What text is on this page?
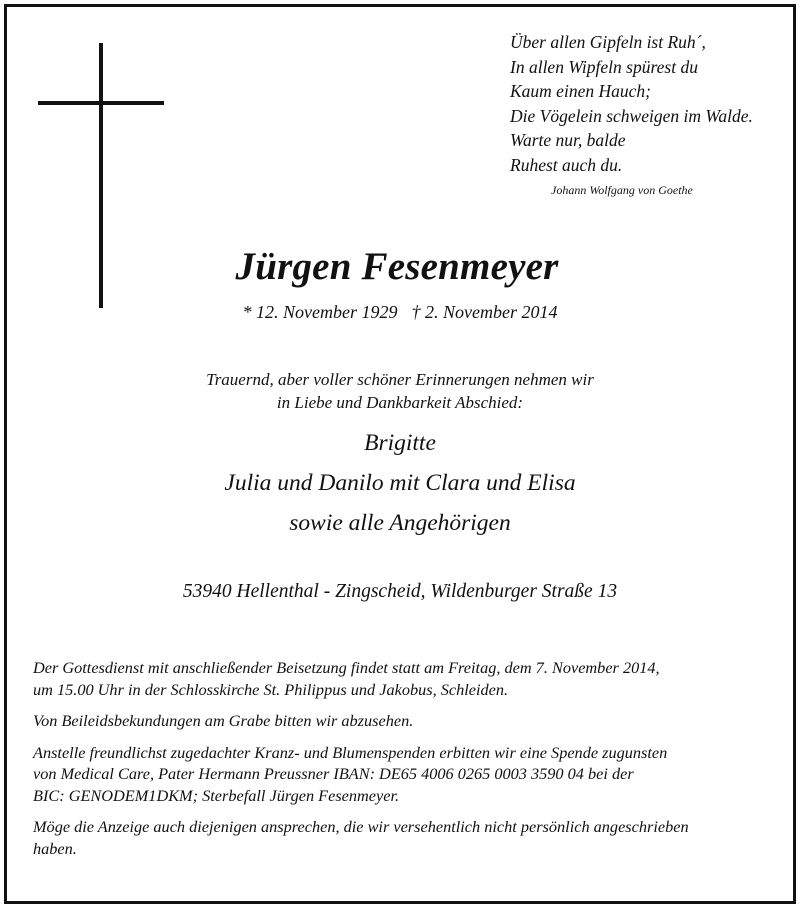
Über allen Gipfeln ist Ruh´,
In allen Wipfeln spürest du
Kaum einen Hauch;
Die Vögelein schweigen im Walde.
Warte nur, balde
Ruhest auch du.
Johann Wolfgang von Goethe
Jürgen Fesenmeyer
* 12. November 1929 † 2. November 2014
Trauernd, aber voller schöner Erinnerungen nehmen wir
in Liebe und Dankbarkeit Abschied:
Brigitte
Julia und Danilo mit Clara und Elisa
sowie alle Angehörigen
53940 Hellenthal - Zingscheid, Wildenburger Straße 13

Der Gottesdienst mit anschließender Beisetzung findet statt am Freitag, dem 7. November 2014,
um 15.00 Uhr in der Schlosskirche St. Philippus und Jakobus, Schleiden.

Von Beileidsbekundungen am Grabe bitten wir abzusehen.

Anstelle freundlichst zugedachter Kranz- und Blumenspenden erbitten wir eine Spende zugunsten
von Medical Care, Pater Hermann Preussner IBAN: DE65 4006 0265 0003 3590 04 bei der
BIC: GENODEM1DKM; Sterbefall Jürgen Fesenmeyer.

Möge die Anzeige auch diejenigen ansprechen, die wir versehentlich nicht persönlich angeschrieben
haben.
